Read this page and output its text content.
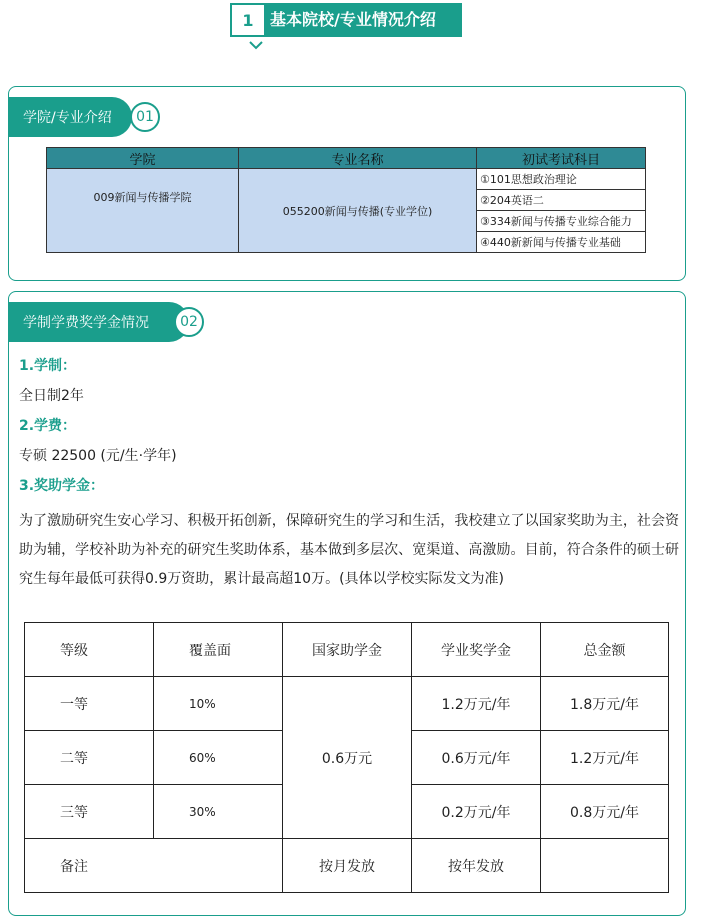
1	基本院校/专业情况介绍
学院/专业介绍	01
学院	专业名称	初试考试科目
009新闻与传播学院	055200新闻与传播(专业学位)	①101思想政治理论
		②204英语二
		③334新闻与传播专业综合能力
		④440新新闻与传播专业基础
学制学费奖学金情况	02
1.学制：
全日制2年
2.学费：
专硕 22500 (元/生·学年)
3.奖助学金：
为了激励研究生安心学习、积极开拓创新，保障研究生的学习和生活，我校建立了以国家奖助为主，社会资助为辅，学校补助为补充的研究生奖助体系，基本做到多层次、宽渠道、高激励。目前，符合条件的硕士研究生每年最低可获得0.9万资助，累计最高超10万。(具体以学校实际发文为准)
等级	覆盖面	国家助学金	学业奖学金	总金额
一等	10%	0.6万元	1.2万元/年	1.8万元/年
二等	60%		0.6万元/年	1.2万元/年
三等	30%		0.2万元/年	0.8万元/年
备注		按月发放	按年发放	
